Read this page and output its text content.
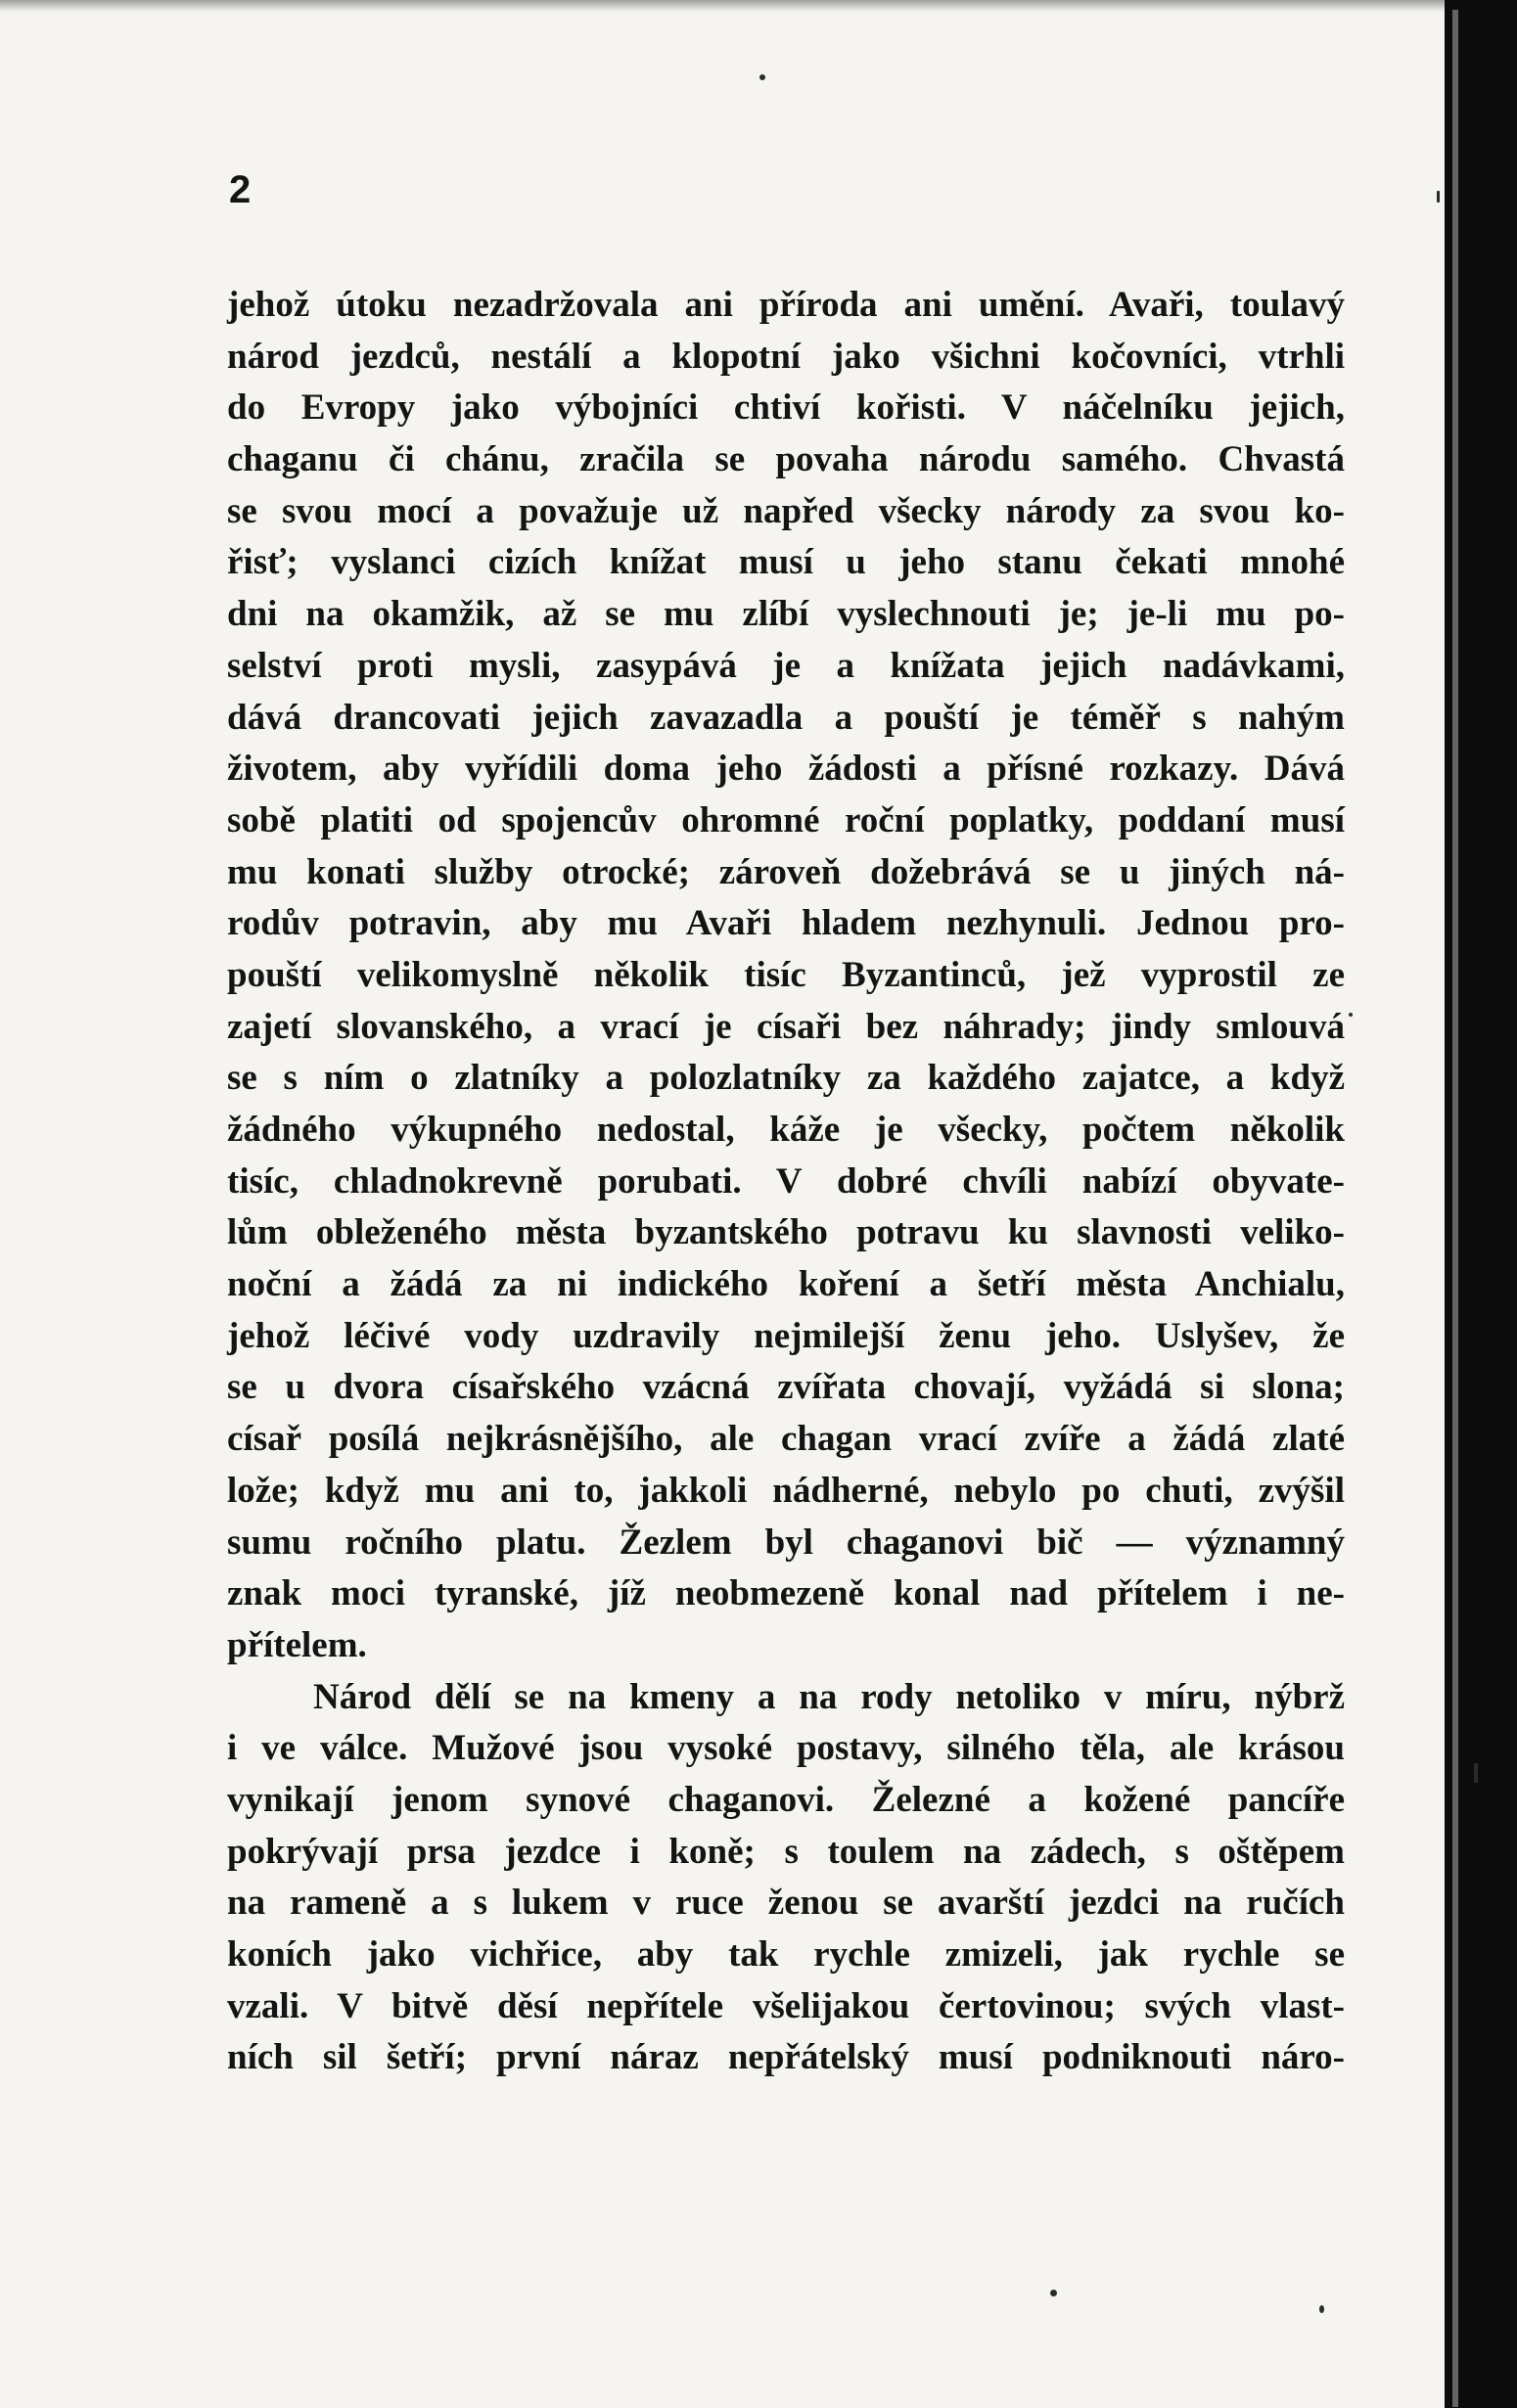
2
jehož útoku nezadržovala ani příroda ani umění. Avaři, toulavý
národ jezdců, nestálí a klopotní jako všichni kočovníci, vtrhli
do Evropy jako výbojníci chtiví kořisti. V náčelníku jejich,
chaganu či chánu, zračila se povaha národu samého. Chvastá
se svou mocí a považuje už napřed všecky národy za svou ko-
řisť; vyslanci cizích knížat musí u jeho stanu čekati mnohé
dni na okamžik, až se mu zlíbí vyslechnouti je; je-li mu po-
selství proti mysli, zasypává je a knížata jejich nadávkami,
dává drancovati jejich zavazadla a pouští je téměř s nahým
životem, aby vyřídili doma jeho žádosti a přísné rozkazy. Dává
sobě platiti od spojencův ohromné roční poplatky, poddaní musí
mu konati služby otrocké; zároveň dožebrává se u jiných ná-
rodův potravin, aby mu Avaři hladem nezhynuli. Jednou pro-
pouští velikomyslně několik tisíc Byzantinců, jež vyprostil ze
zajetí slovanského, a vrací je císaři bez náhrady; jindy smlouvá
se s ním o zlatníky a polozlatníky za každého zajatce, a když
žádného výkupného nedostal, káže je všecky, počtem několik
tisíc, chladnokrevně porubati. V dobré chvíli nabízí obyvate-
lům obleženého města byzantského potravu ku slavnosti veliko-
noční a žádá za ni indického koření a šetří města Anchialu,
jehož léčivé vody uzdravily nejmilejší ženu jeho. Uslyšev, že
se u dvora císařského vzácná zvířata chovají, vyžádá si slona;
císař posílá nejkrásnějšího, ale chagan vrací zvíře a žádá zlaté
lože; když mu ani to, jakkoli nádherné, nebylo po chuti, zvýšil
sumu ročního platu. Žezlem byl chaganovi bič — významný
znak moci tyranské, jíž neobmezeně konal nad přítelem i ne-
přítelem.
Národ dělí se na kmeny a na rody netoliko v míru, nýbrž
i ve válce. Mužové jsou vysoké postavy, silného těla, ale krásou
vynikají jenom synové chaganovi. Železné a kožené pancíře
pokrývají prsa jezdce i koně; s toulem na zádech, s oštěpem
na rameně a s lukem v ruce ženou se avarští jezdci na ručích
koních jako vichřice, aby tak rychle zmizeli, jak rychle se
vzali. V bitvě děsí nepřítele všelijakou čertovinou; svých vlast-
ních sil šetří; první náraz nepřátelský musí podniknouti náro-
